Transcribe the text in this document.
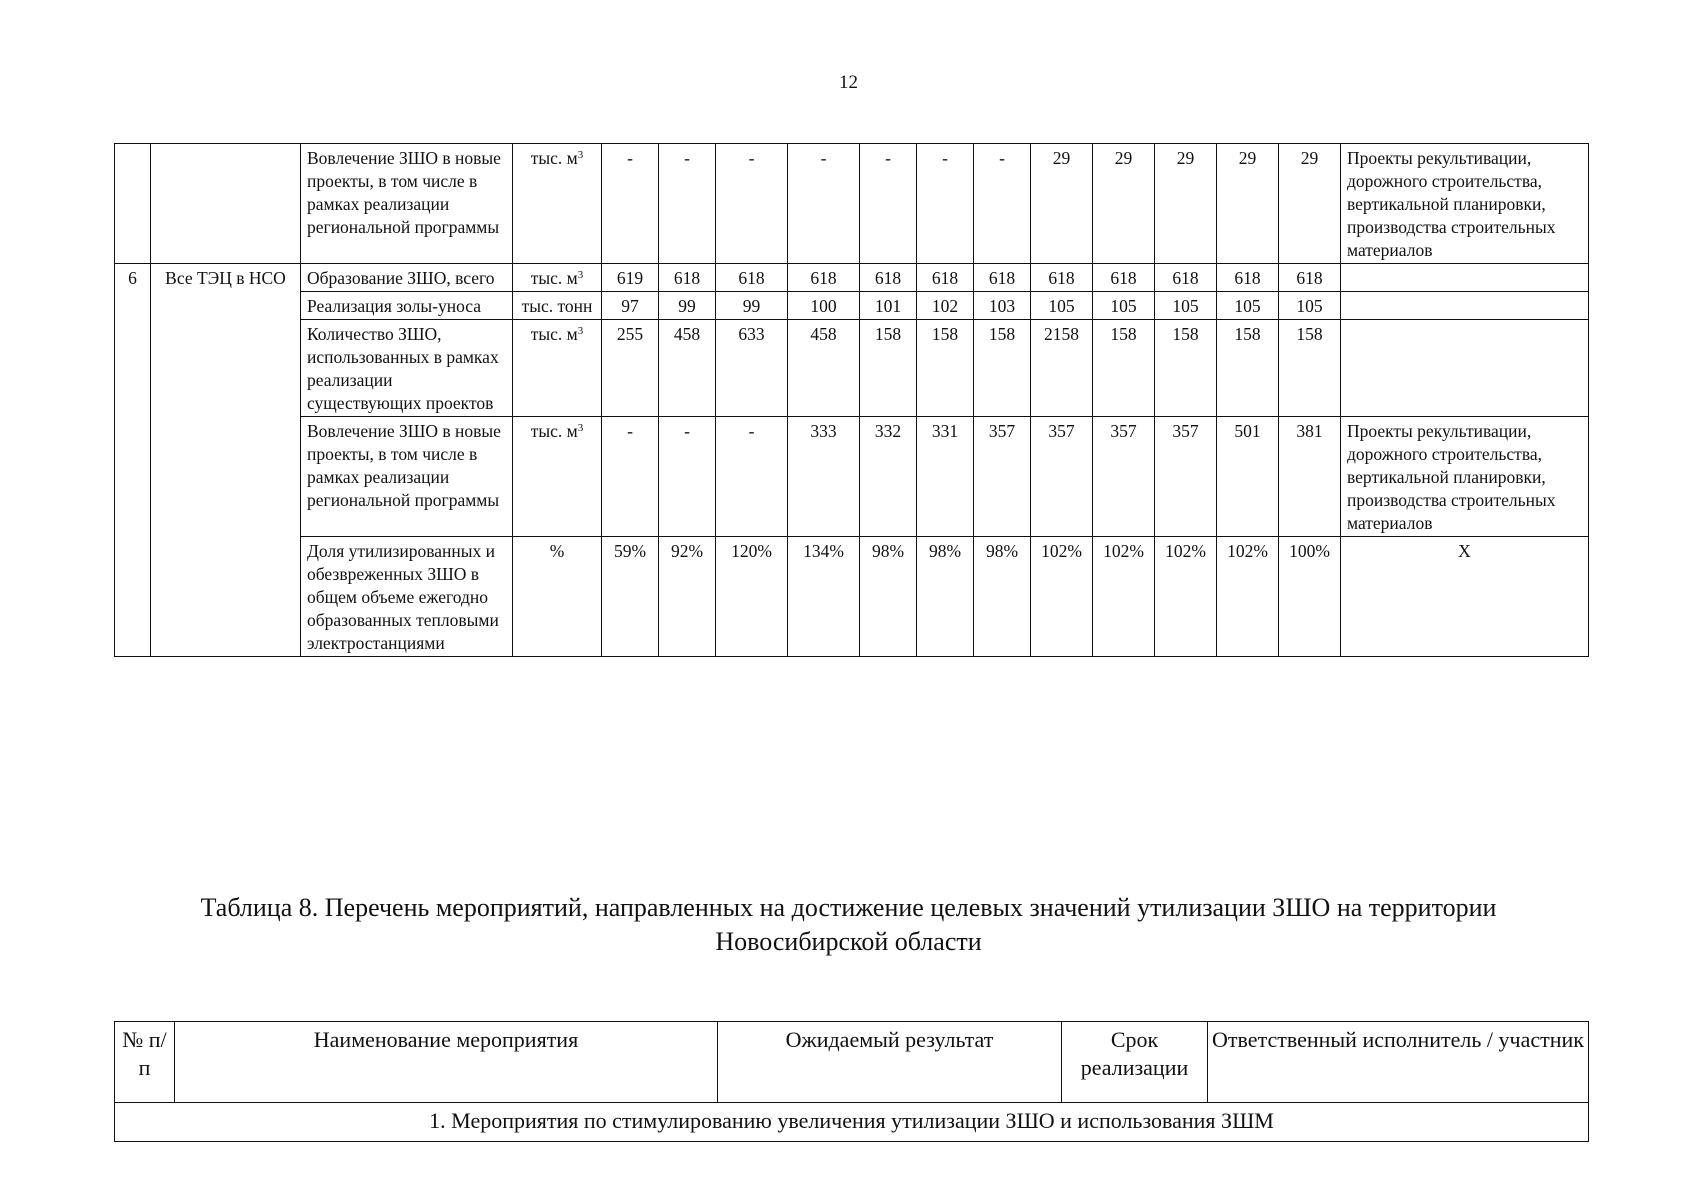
12
		Вовлечение ЗШО в новые проекты, в том числе в рамках реализации региональной программы	тыс. $м^3$	-	-	-	-	-	-	-	29	29	29	29	29	Проекты рекультивации, дорожного строительства, вертикальной планировки, производства строительных материалов
6	Все ТЭЦ в НСО	Образование ЗШО, всего	тыс. $м^3$	619	618	618	618	618	618	618	618	618	618	618	618	
		Реализация золы-уноса	тыс. тонн	97	99	99	100	101	102	103	105	105	105	105	105	
		Количество ЗШО, использованных в рамках реализации существующих проектов	тыс. $м^3$	255	458	633	458	158	158	158	2158	158	158	158	158	
		Вовлечение ЗШО в новые проекты, в том числе в рамках реализации региональной программы	тыс. $м^3$	-	-	-	333	332	331	357	357	357	357	501	381	Проекты рекультивации, дорожного строительства, вертикальной планировки, производства строительных материалов
		Доля утилизированных и обезвреженных ЗШО в общем объеме ежегодно образованных тепловыми электростанциями	%	59%	92%	120%	134%	98%	98%	98%	102%	102%	102%	102%	100%	X
Таблица 8. Перечень мероприятий, направленных на достижение целевых значений утилизации ЗШО на территории
Новосибирской области
№ п/п	Наименование мероприятия	Ожидаемый результат	Срок реализации	Ответственный исполнитель / участник
1. Мероприятия по стимулированию увеличения утилизации ЗШО и использования ЗШМ
